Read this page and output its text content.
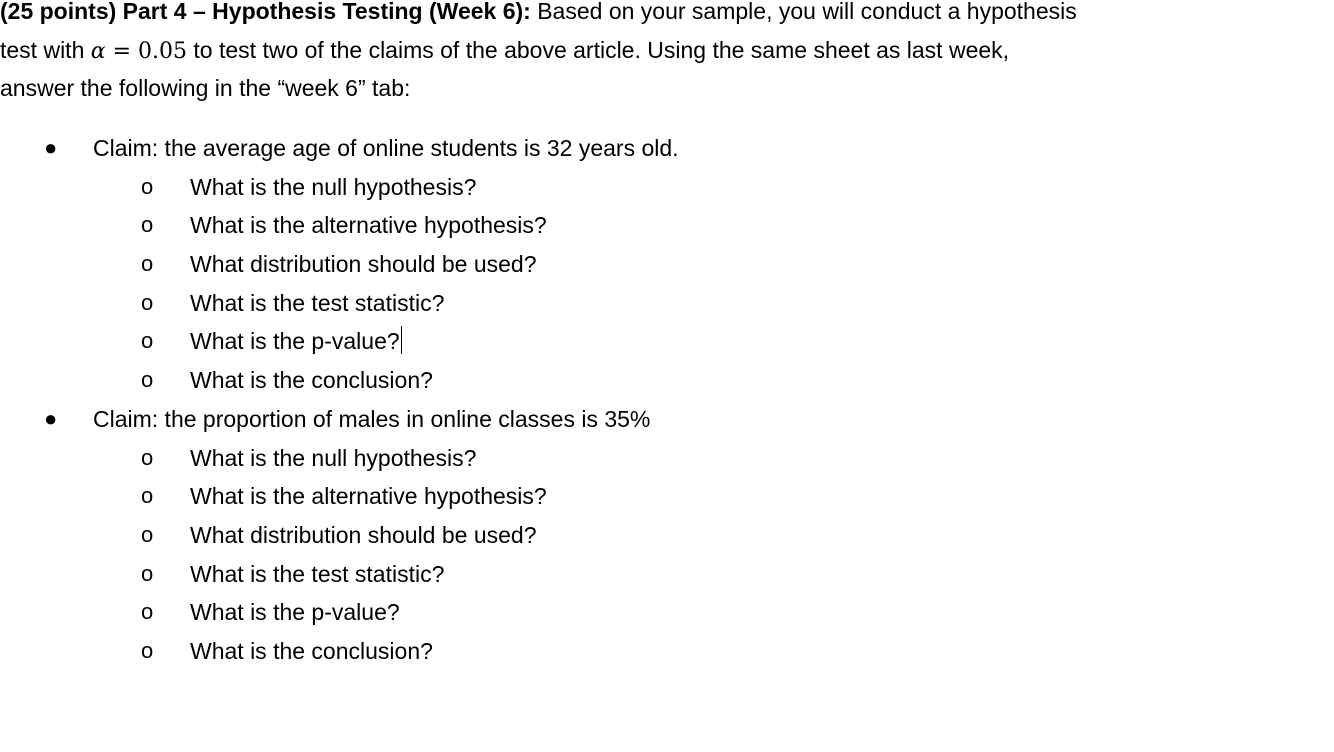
(25 points) Part 4 – Hypothesis Testing (Week 6): Based on your sample, you will conduct a hypothesis
test with α = 0.05 to test two of the claims of the above article. Using the same sheet as last week,
answer the following in the “week 6” tab:
● Claim: the average age of online students is 32 years old.
o What is the null hypothesis?
o What is the alternative hypothesis?
o What distribution should be used?
o What is the test statistic?
o What is the p-value?
o What is the conclusion?
● Claim: the proportion of males in online classes is 35%
o What is the null hypothesis?
o What is the alternative hypothesis?
o What distribution should be used?
o What is the test statistic?
o What is the p-value?
o What is the conclusion?
